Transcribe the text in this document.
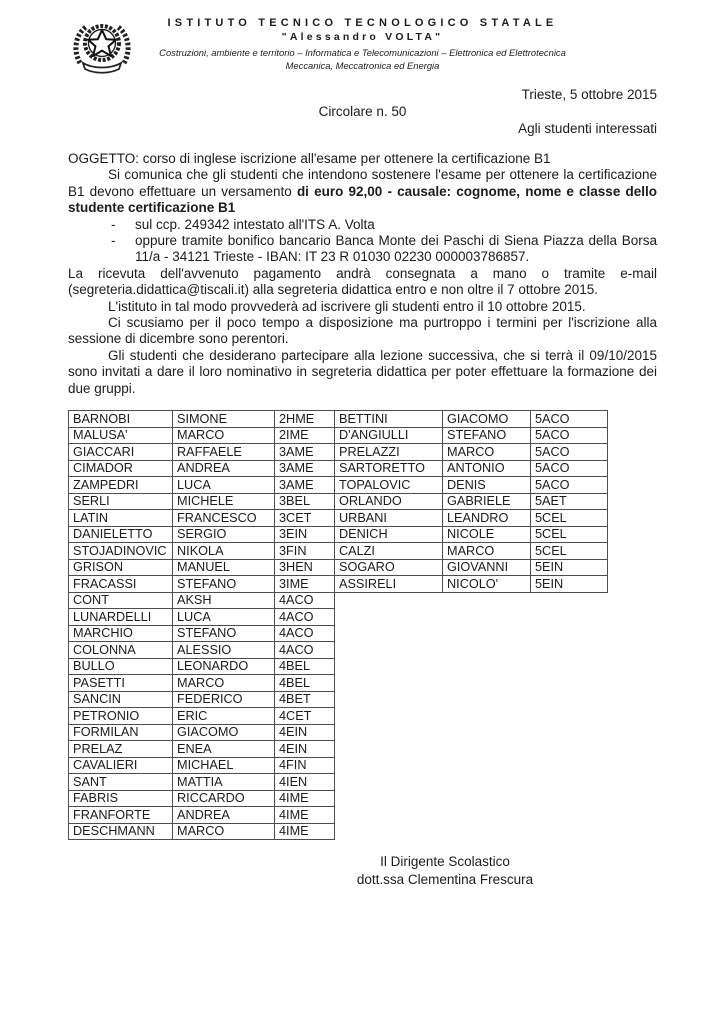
ISTITUTO TECNICO TECNOLOGICO STATALE
"Alessandro VOLTA"
Costruzioni, ambiente e territorio – Informatica e Telecomunicazioni – Elettronica ed Elettrotecnica
Meccanica, Meccatronica ed Energia
Trieste, 5 ottobre 2015
Circolare n. 50
Agli studenti interessati
OGGETTO: corso di inglese iscrizione all'esame per ottenere la certificazione B1

Si comunica che gli studenti che intendono sostenere l'esame per ottenere la certificazione B1 devono effettuare un versamento di euro 92,00 - causale: cognome, nome e classe dello studente certificazione B1

- sul ccp. 249342 intestato all'ITS A. Volta

- oppure tramite bonifico bancario Banca Monte dei Paschi di Siena Piazza della Borsa 11/a - 34121 Trieste - IBAN: IT 23 R 01030 02230 000003786857.

La ricevuta dell'avvenuto pagamento andrà consegnata a mano o tramite e-mail (segreteria.didattica@tiscali.it) alla segreteria didattica entro e non oltre il 7 ottobre 2015.

L'istituto in tal modo provvederà ad iscrivere gli studenti entro il 10 ottobre 2015.

Ci scusiamo per il poco tempo a disposizione ma purtroppo i termini per l'iscrizione alla sessione di dicembre sono perentori.

Gli studenti che desiderano partecipare alla lezione successiva, che si terrà il 09/10/2015 sono invitati a dare il loro nominativo in segreteria didattica per poter effettuare la formazione dei due gruppi.

BARNOBI	SIMONE	2HME	BETTINI	GIACOMO	5ACO
MALUSA'	MARCO	2IME	D'ANGIULLI	STEFANO	5ACO
GIACCARI	RAFFAELE	3AME	PRELAZZI	MARCO	5ACO
CIMADOR	ANDREA	3AME	SARTORETTO	ANTONIO	5ACO
ZAMPEDRI	LUCA	3AME	TOPALOVIC	DENIS	5ACO
SERLI	MICHELE	3BEL	ORLANDO	GABRIELE	5AET
LATIN	FRANCESCO	3CET	URBANI	LEANDRO	5CEL
DANIELETTO	SERGIO	3EIN	DENICH	NICOLE	5CEL
STOJADINOVIC	NIKOLA	3FIN	CALZI	MARCO	5CEL
GRISON	MANUEL	3HEN	SOGARO	GIOVANNI	5EIN
FRACASSI	STEFANO	3IME	ASSIRELI	NICOLO'	5EIN
CONT	AKSH	4ACO
LUNARDELLI	LUCA	4ACO
MARCHIO	STEFANO	4ACO
COLONNA	ALESSIO	4ACO
BULLO	LEONARDO	4BEL
PASETTI	MARCO	4BEL
SANCIN	FEDERICO	4BET
PETRONIO	ERIC	4CET
FORMILAN	GIACOMO	4EIN
PRELAZ	ENEA	4EIN
CAVALIERI	MICHAEL	4FIN
SANT	MATTIA	4IEN
FABRIS	RICCARDO	4IME
FRANFORTE	ANDREA	4IME
DESCHMANN	MARCO	4IME
Il Dirigente Scolastico
dott.ssa Clementina Frescura
